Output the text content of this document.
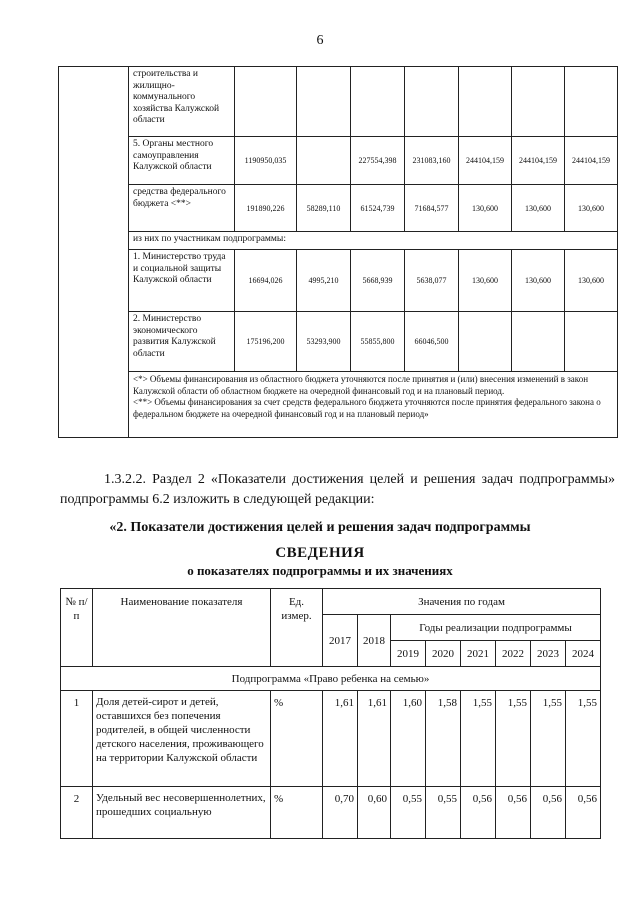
6
	строительства и жилищно-коммунального хозяйства Калужской области							
	5. Органы местного самоуправления Калужской области	1190950,035		227554,398	231083,160	244104,159	244104,159	244104,159
	средства федерального бюджета <**>	191890,226	58289,110	61524,739	71684,577	130,600	130,600	130,600
	из них по участникам подпрограммы:							
	1. Министерство труда и социальной защиты Калужской области	16694,026	4995,210	5668,939	5638,077	130,600	130,600	130,600
	2. Министерство экономического развития Калужской области	175196,200	53293,900	55855,800	66046,500			

	<*> Объемы финансирования из областного бюджета уточняются после принятия и (или) внесения изменений в закон Калужской области об областном бюджете на очередной финансовый год и на плановый период.
<**> Объемы финансирования за счет средств федерального бюджета уточняются после принятия федерального закона о федеральном бюджете на очередной финансовый год и на плановый период»							
1.3.2.2. Раздел 2 «Показатели достижения целей и решения задач подпрограммы» подпрограммы 6.2 изложить в следующей редакции:
«2. Показатели достижения целей и решения задач подпрограммы
СВЕДЕНИЯ
о показателях подпрограммы и их значениях
№ п/п	Наименование показателя	Ед. измер.	Значения по годам							
			2017	2018	Годы реализации подпрограммы					
					2019	2020	2021	2022	2023	2024
Подпрограмма «Право ребенка на семью»										
1	Доля детей-сирот и детей, оставшихся без попечения родителей, в общей численности детского населения, проживающего на территории Калужской области	%	1,61	1,61	1,60	1,58	1,55	1,55	1,55	1,55
2	Удельный вес несовершеннолетних, прошедших социальную	%	0,70	0,60	0,55	0,55	0,56	0,56	0,56	0,56
